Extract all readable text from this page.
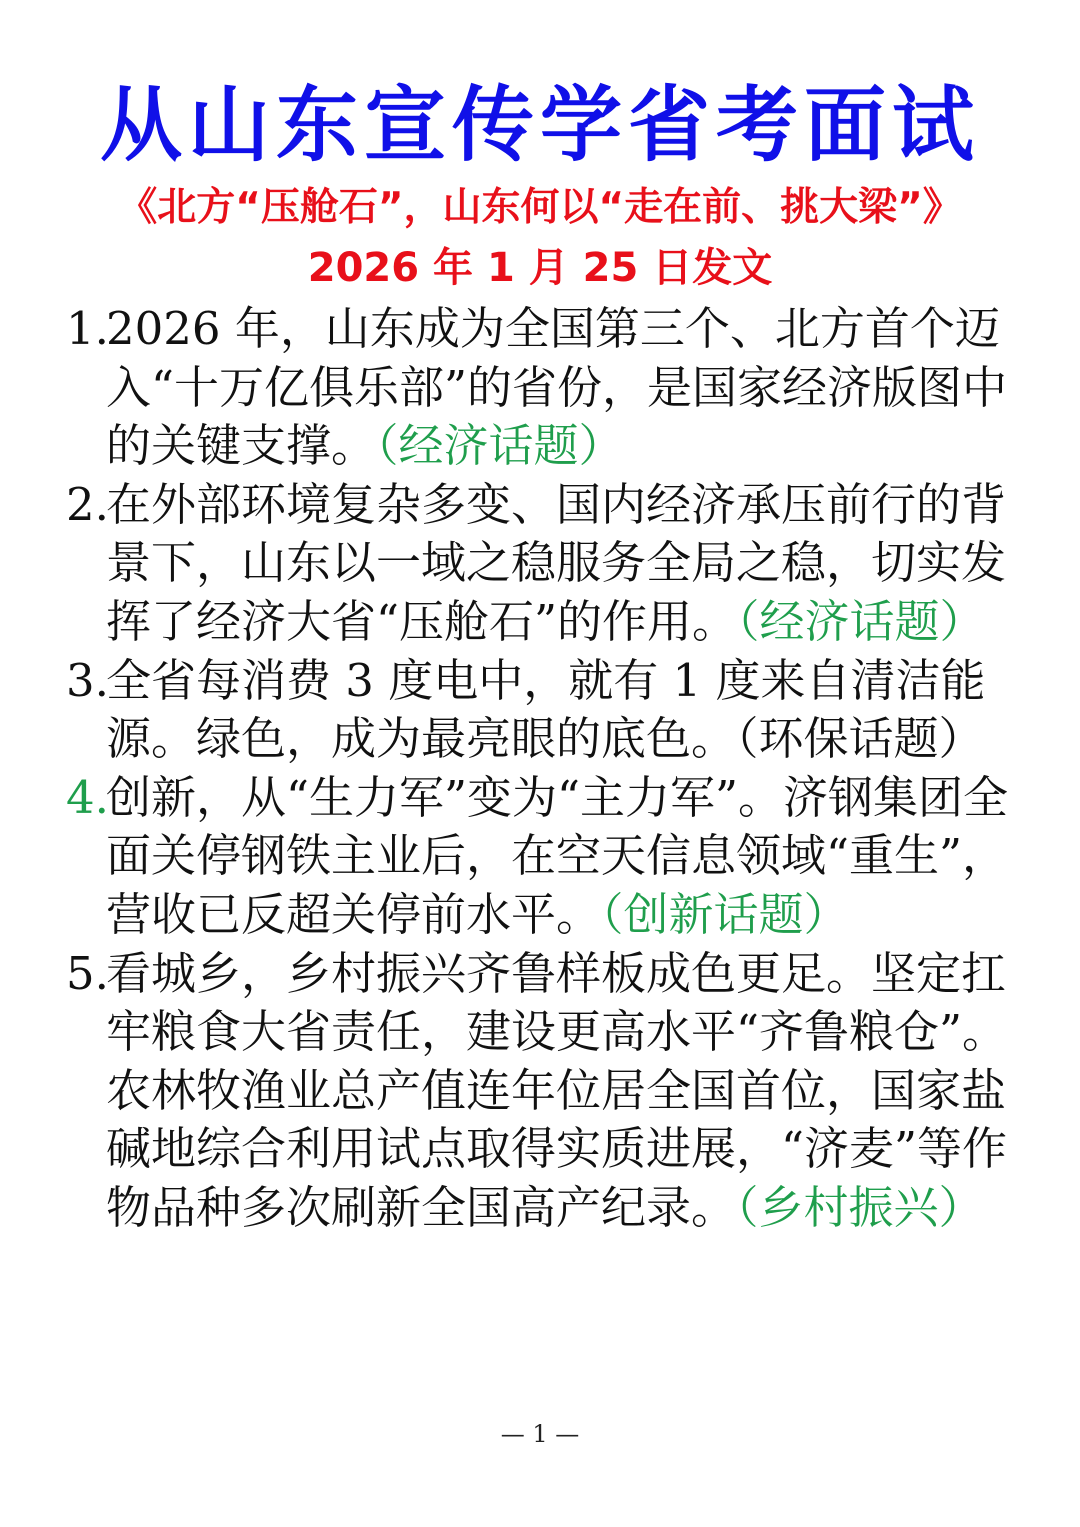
从山东宣传学省考面试
《北方“压舱石”，山东何以“走在前、挑大梁”》
2026 年 1 月 25 日发文

1.
2026 年，山东成为全国第三个、北方首个迈入“十万亿俱乐部”的省份，是国家经济版图中的关键支撑。（经济话题）

2.
在外部环境复杂多变、国内经济承压前行的背景下，山东以一域之稳服务全局之稳，切实发挥了经济大省“压舱石”的作用。（经济话题）

3.
全省每消费 3 度电中，就有 1 度来自清洁能源。绿色，成为最亮眼的底色。（环保话题）

4.
创新，从“生力军”变为“主力军”。济钢集团全面关停钢铁主业后，在空天信息领域“重生”，营收已反超关停前水平。（创新话题）

5.
看城乡，乡村振兴齐鲁样板成色更足。坚定扛牢粮食大省责任，建设更高水平“齐鲁粮仓”。农林牧渔业总产值连年位居全国首位，国家盐碱地综合利用试点取得实质进展，“济麦”等作物品种多次刷新全国高产纪录。（乡村振兴）

— 1 —
